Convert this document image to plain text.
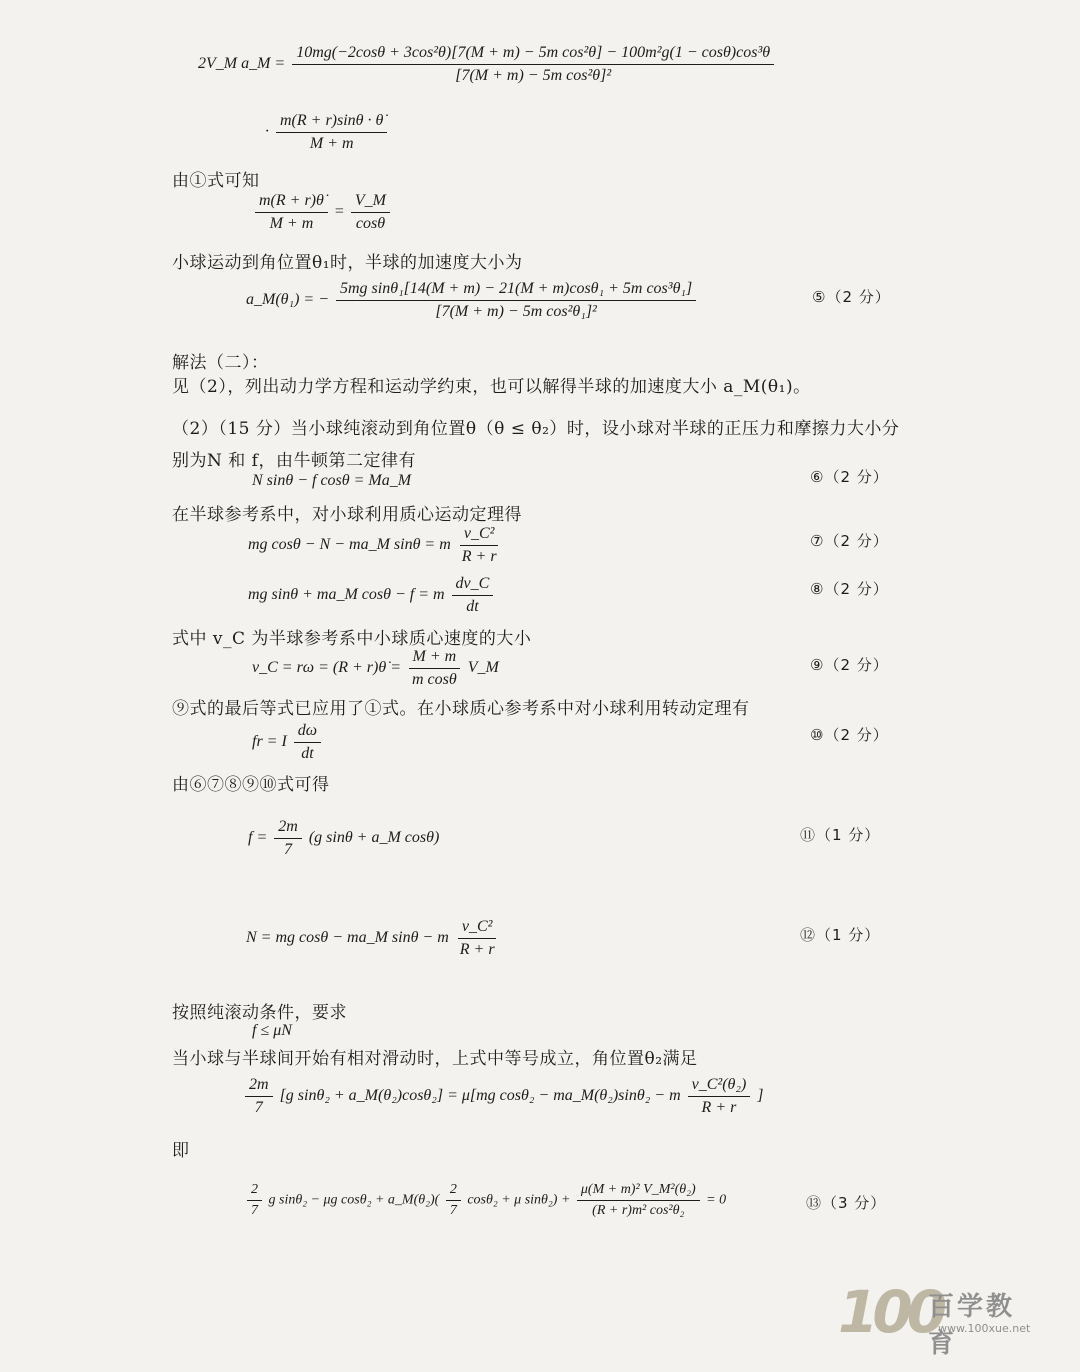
2V_M a_M =
10mg(−2cosθ + 3cos²θ)[7(M + m) − 5m cos²θ] − 100m²g(1 − cosθ)cos³θ
[7(M + m) − 5m cos²θ]²
· $\frac{m(R + r)\sin\theta \cdot \thetȧ}{M + m}$
由①式可知
$\frac{m(R + r)\thetȧ}{M + m} = \frac{V\_M}{\cos\theta}$
小球运动到角位置θ₁时，半球的加速度大小为
a_M(θ₁) = − $\frac{\text{5mg sinθ₁[14(M + m) − 21(M + m)cosθ₁ + 5m cos³θ₁]}}{\text{[7(M + m) − 5m cos²θ₁]²}}$	⑤（2 分）
解法（二）：
见（2），列出动力学方程和运动学约束，也可以解得半球的加速度大小 a_M(θ₁)。
（2）（15 分）当小球纯滚动到角位置θ（θ ≤ θ₂）时，设小球对半球的正压力和摩擦力大小分
别为N 和 f，由牛顿第二定律有
⑥（2 分）
N sinθ − f cosθ = Ma_M
在半球参考系中，对小球利用质心运动定理得
mg cosθ − N − ma_M sinθ = m $\frac{\text{v\_C²}}{R + r}$	⑦（2 分）
mg sinθ + ma_M cosθ − f = m $\frac{dv\_C}{dt}$	⑧（2 分）
式中 v_C 为半球参考系中小球质心速度的大小
v_C = rω = (R + r)θ̇ = $\frac{M + m}{\text{m cosθ}}$ V_M	⑨（2 分）
⑨式的最后等式已应用了①式。在小球质心参考系中对小球利用转动定理有
fr = I $\frac{d\omega}{dt}$	⑩（2 分）
由⑥⑦⑧⑨⑩式可得
$f = \frac{2m}{7} (g$ sinθ + a_M cosθ)	⑪（1 分）
N = mg cosθ − ma_M sinθ − m $\frac{\text{v\_C²}}{R + r}$	⑫（1 分）
按照纯滚动条件，要求
f ≤ μN
当小球与半球间开始有相对滑动时，上式中等号成立，角位置θ₂满足
$\frac{2m}{7} [g$ sinθ₂ + a_M(θ₂)cosθ₂] = μ[mg cosθ₂ − ma_M(θ₂)sinθ₂ − m $\frac{\text{v\_C²(θ₂)}}{R + r}$ ]
即
$\frac{2}{7}$ g sinθ₂ − μg cosθ₂ + a_M(θ₂)( $\frac{2}{7} \cos\theta_2 + \mu$ $\sin\theta_2) + \frac{\text{μ(M + m)² V\_M²(θ₂)}}{\text{(R + r)m² cos²θ₂}} = 0$	⑬（3 分）
100
百学教育
www.100xue.net
